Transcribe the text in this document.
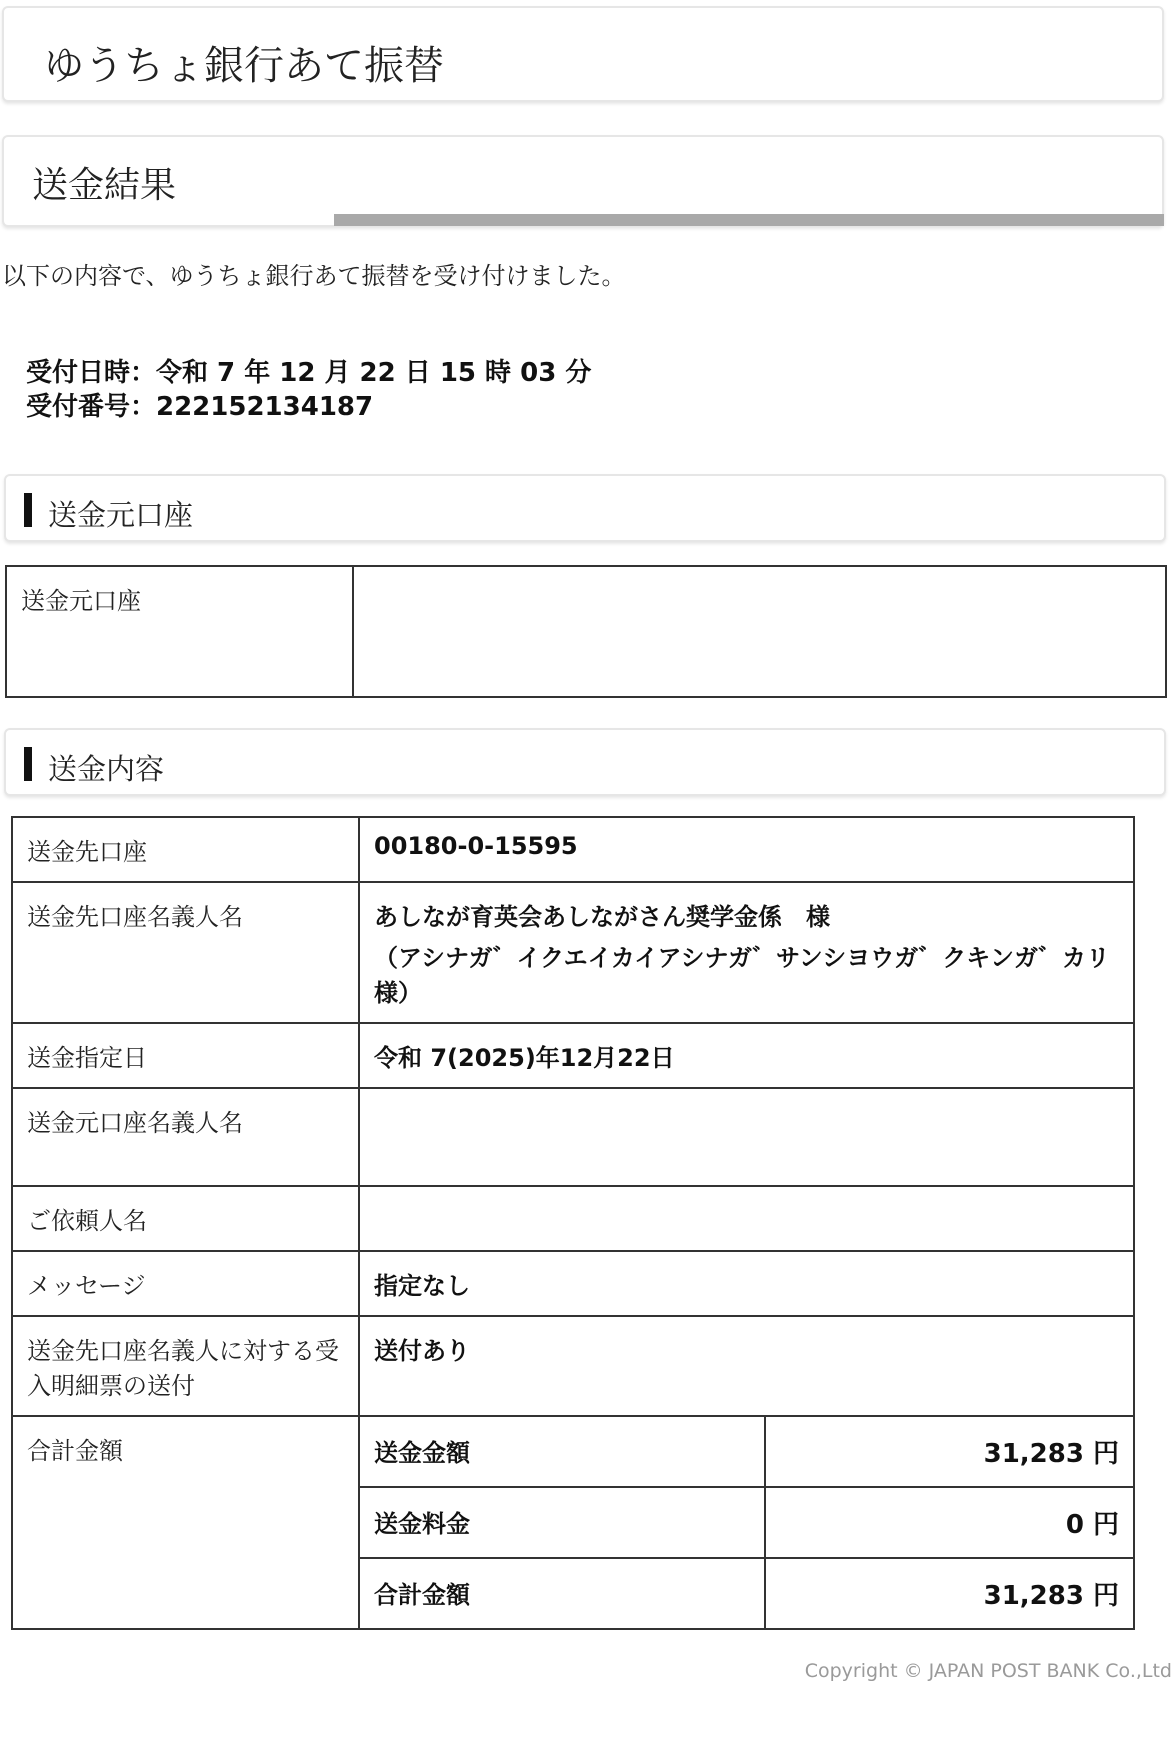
ゆうちょ銀行あて振替
送金結果
以下の内容で、ゆうちょ銀行あて振替を受け付けました。
受付日時：令和 7 年 12 月 22 日 15 時 03 分
受付番号：222152134187
送金元口座
送金元口座	
送金内容
送金先口座	00180-0-15595
送金先口座名義人名	あしなが育英会あしながさん奨学金係　様
（アシナガ゛イクエイカイアシナガ゛サンシヨウガ゛クキンガ゛カリ　様）

送金指定日	令和 7(2025)年12月22日
送金元口座名義人名	
ご依頼人名	
メッセージ	指定なし
送金先口座名義人に対する受入明細票の送付	送付あり
合計金額		送金金額	31,283 円
送金料金	0 円
合計金額	31,283 円
Copyright © JAPAN POST BANK Co.,Ltd
